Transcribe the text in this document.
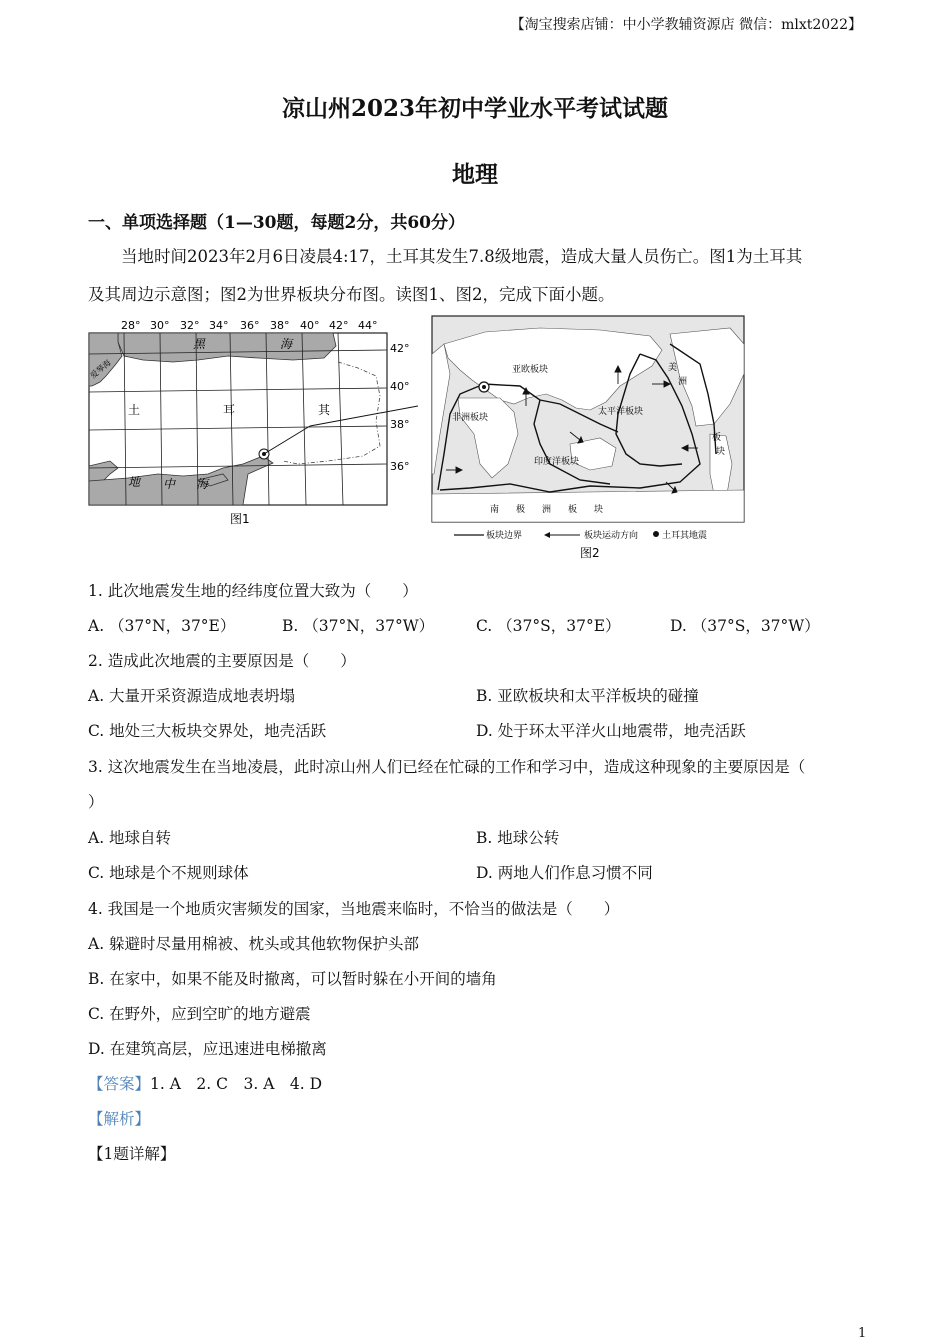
【淘宝搜索店铺：中小学教辅资源店 微信：mlxt2022】
凉山州2023年初中学业水平考试试题
地理
一、单项选择题（1—30题，每题2分，共60分）

当地时间2023年2月6日凌晨4:17，土耳其发生7.8级地震，造成大量人员伤亡。图1为土耳其

及其周边示意图；图2为世界板块分布图。读图1、图2，完成下面小题。

28° 30° 32° 34° 36° 38° 40° 42° 44°
42°
40°
38°
36°
黑	海
地 中 海
爱琴海
土	耳	其
图1
亚欧板块
非洲板块
太平洋板块
印度洋板块
美
洲
板
块
南 极 洲 板 块
板块边界	板块运动方向	土耳其地震
图2
1. 此次地震发生地的经纬度位置大致为（　　）
A. （37°N，37°E）	B. （37°N，37°W）	C. （37°S，37°E）	D. （37°S，37°W）
2. 造成此次地震的主要原因是（　　）
A. 大量开采资源造成地表坍塌	B. 亚欧板块和太平洋板块的碰撞
C. 地处三大板块交界处，地壳活跃	D. 处于环太平洋火山地震带，地壳活跃
3. 这次地震发生在当地凌晨，此时凉山州人们已经在忙碌的工作和学习中，造成这种现象的主要原因是（
）
A. 地球自转	B. 地球公转
C. 地球是个不规则球体	D. 两地人们作息习惯不同
4. 我国是一个地质灾害频发的国家，当地震来临时，不恰当的做法是（　　）
A. 躲避时尽量用棉被、枕头或其他软物保护头部
B. 在家中，如果不能及时撤离，可以暂时躲在小开间的墙角
C. 在野外，应到空旷的地方避震
D. 在建筑高层，应迅速进电梯撤离
【答案】1. A　2. C　3. A　4. D
【解析】
【1题详解】
1
